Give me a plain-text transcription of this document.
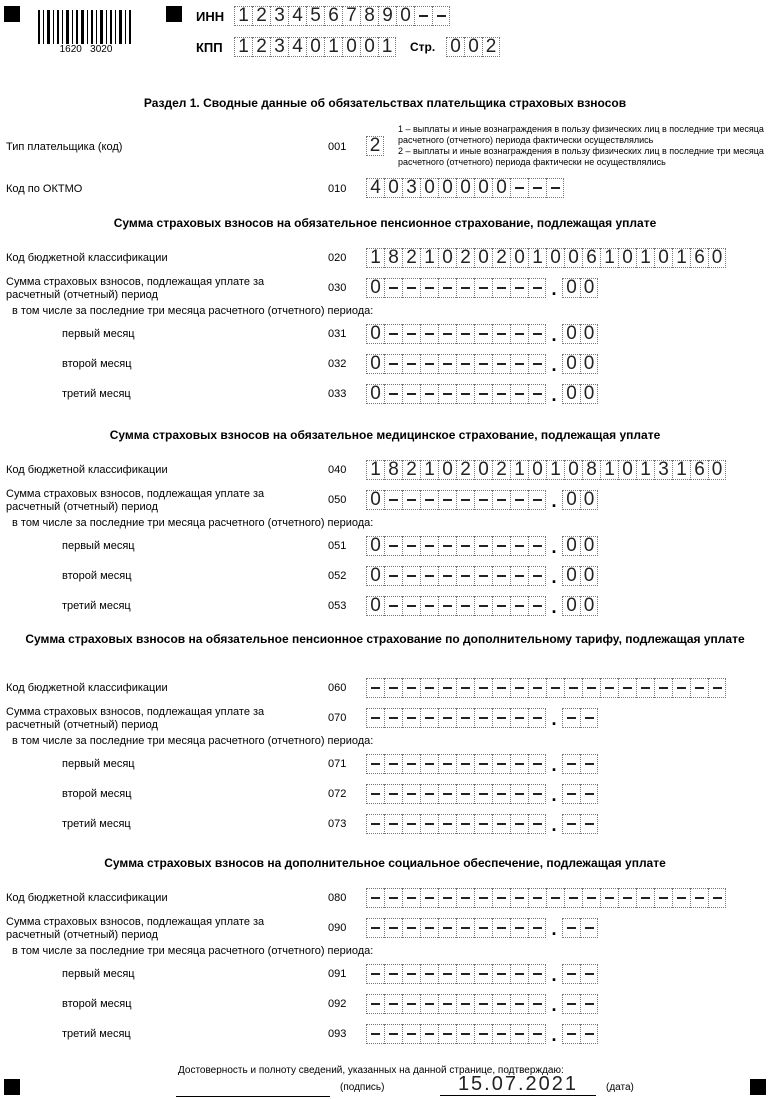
1620   3020
ИНН 1 2 3 4 5 6 7 8 9 0
КПП 1 2 3 4 0 1 0 0 1	Стр. 0 0 2
Раздел 1. Сводные данные об обязательствах плательщика страховых взносов
Тип плательщика (код)	001	2
1 – выплаты и иные вознаграждения в пользу физических лиц в последние три месяца расчетного (отчетного) периода фактически осуществлялись
2 – выплаты и иные вознаграждения в пользу физических лиц в последние три месяца расчетного (отчетного) периода фактически не осуществлялись
Код по ОКТМО	010	4 0 3 0 0 0 0 0
Сумма страховых взносов на обязательное пенсионное страхование, подлежащая уплате
Код бюджетной классификации	020	1 8 2 1 0 2 0 2 0 1 0 0 6 1 0 1 0 1 6 0
Сумма страховых взносов, подлежащая уплате за расчетный (отчетный) период
030	0	. 0 0
в том числе за последние три месяца расчетного (отчетного) периода:
первый месяц	031	0	. 0 0
второй месяц	032	0	. 0 0
третий месяц	033	0	. 0 0
Сумма страховых взносов на обязательное медицинское страхование, подлежащая уплате
Код бюджетной классификации	040	1 8 2 1 0 2 0 2 1 0 1 0 8 1 0 1 3 1 6 0
Сумма страховых взносов, подлежащая уплате за расчетный (отчетный) период
050	0	. 0 0
в том числе за последние три месяца расчетного (отчетного) периода:
первый месяц	051	0	. 0 0
второй месяц	052	0	. 0 0
третий месяц	053	0	. 0 0
Сумма страховых взносов на обязательное пенсионное страхование по дополнительному тарифу, подлежащая уплате
Код бюджетной классификации	060
Сумма страховых взносов, подлежащая уплате за расчетный (отчетный) период
070	.
в том числе за последние три месяца расчетного (отчетного) периода:
первый месяц	071	.
второй месяц	072	.
третий месяц	073	.
Сумма страховых взносов на дополнительное социальное обеспечение, подлежащая уплате
Код бюджетной классификации	080
Сумма страховых взносов, подлежащая уплате за расчетный (отчетный) период
090	.
в том числе за последние три месяца расчетного (отчетного) периода:
первый месяц	091	.
второй месяц	092	.
третий месяц	093	.
Достоверность и полноту сведений, указанных на данной странице, подтверждаю:
(подпись)	15.07.2021	(дата)
